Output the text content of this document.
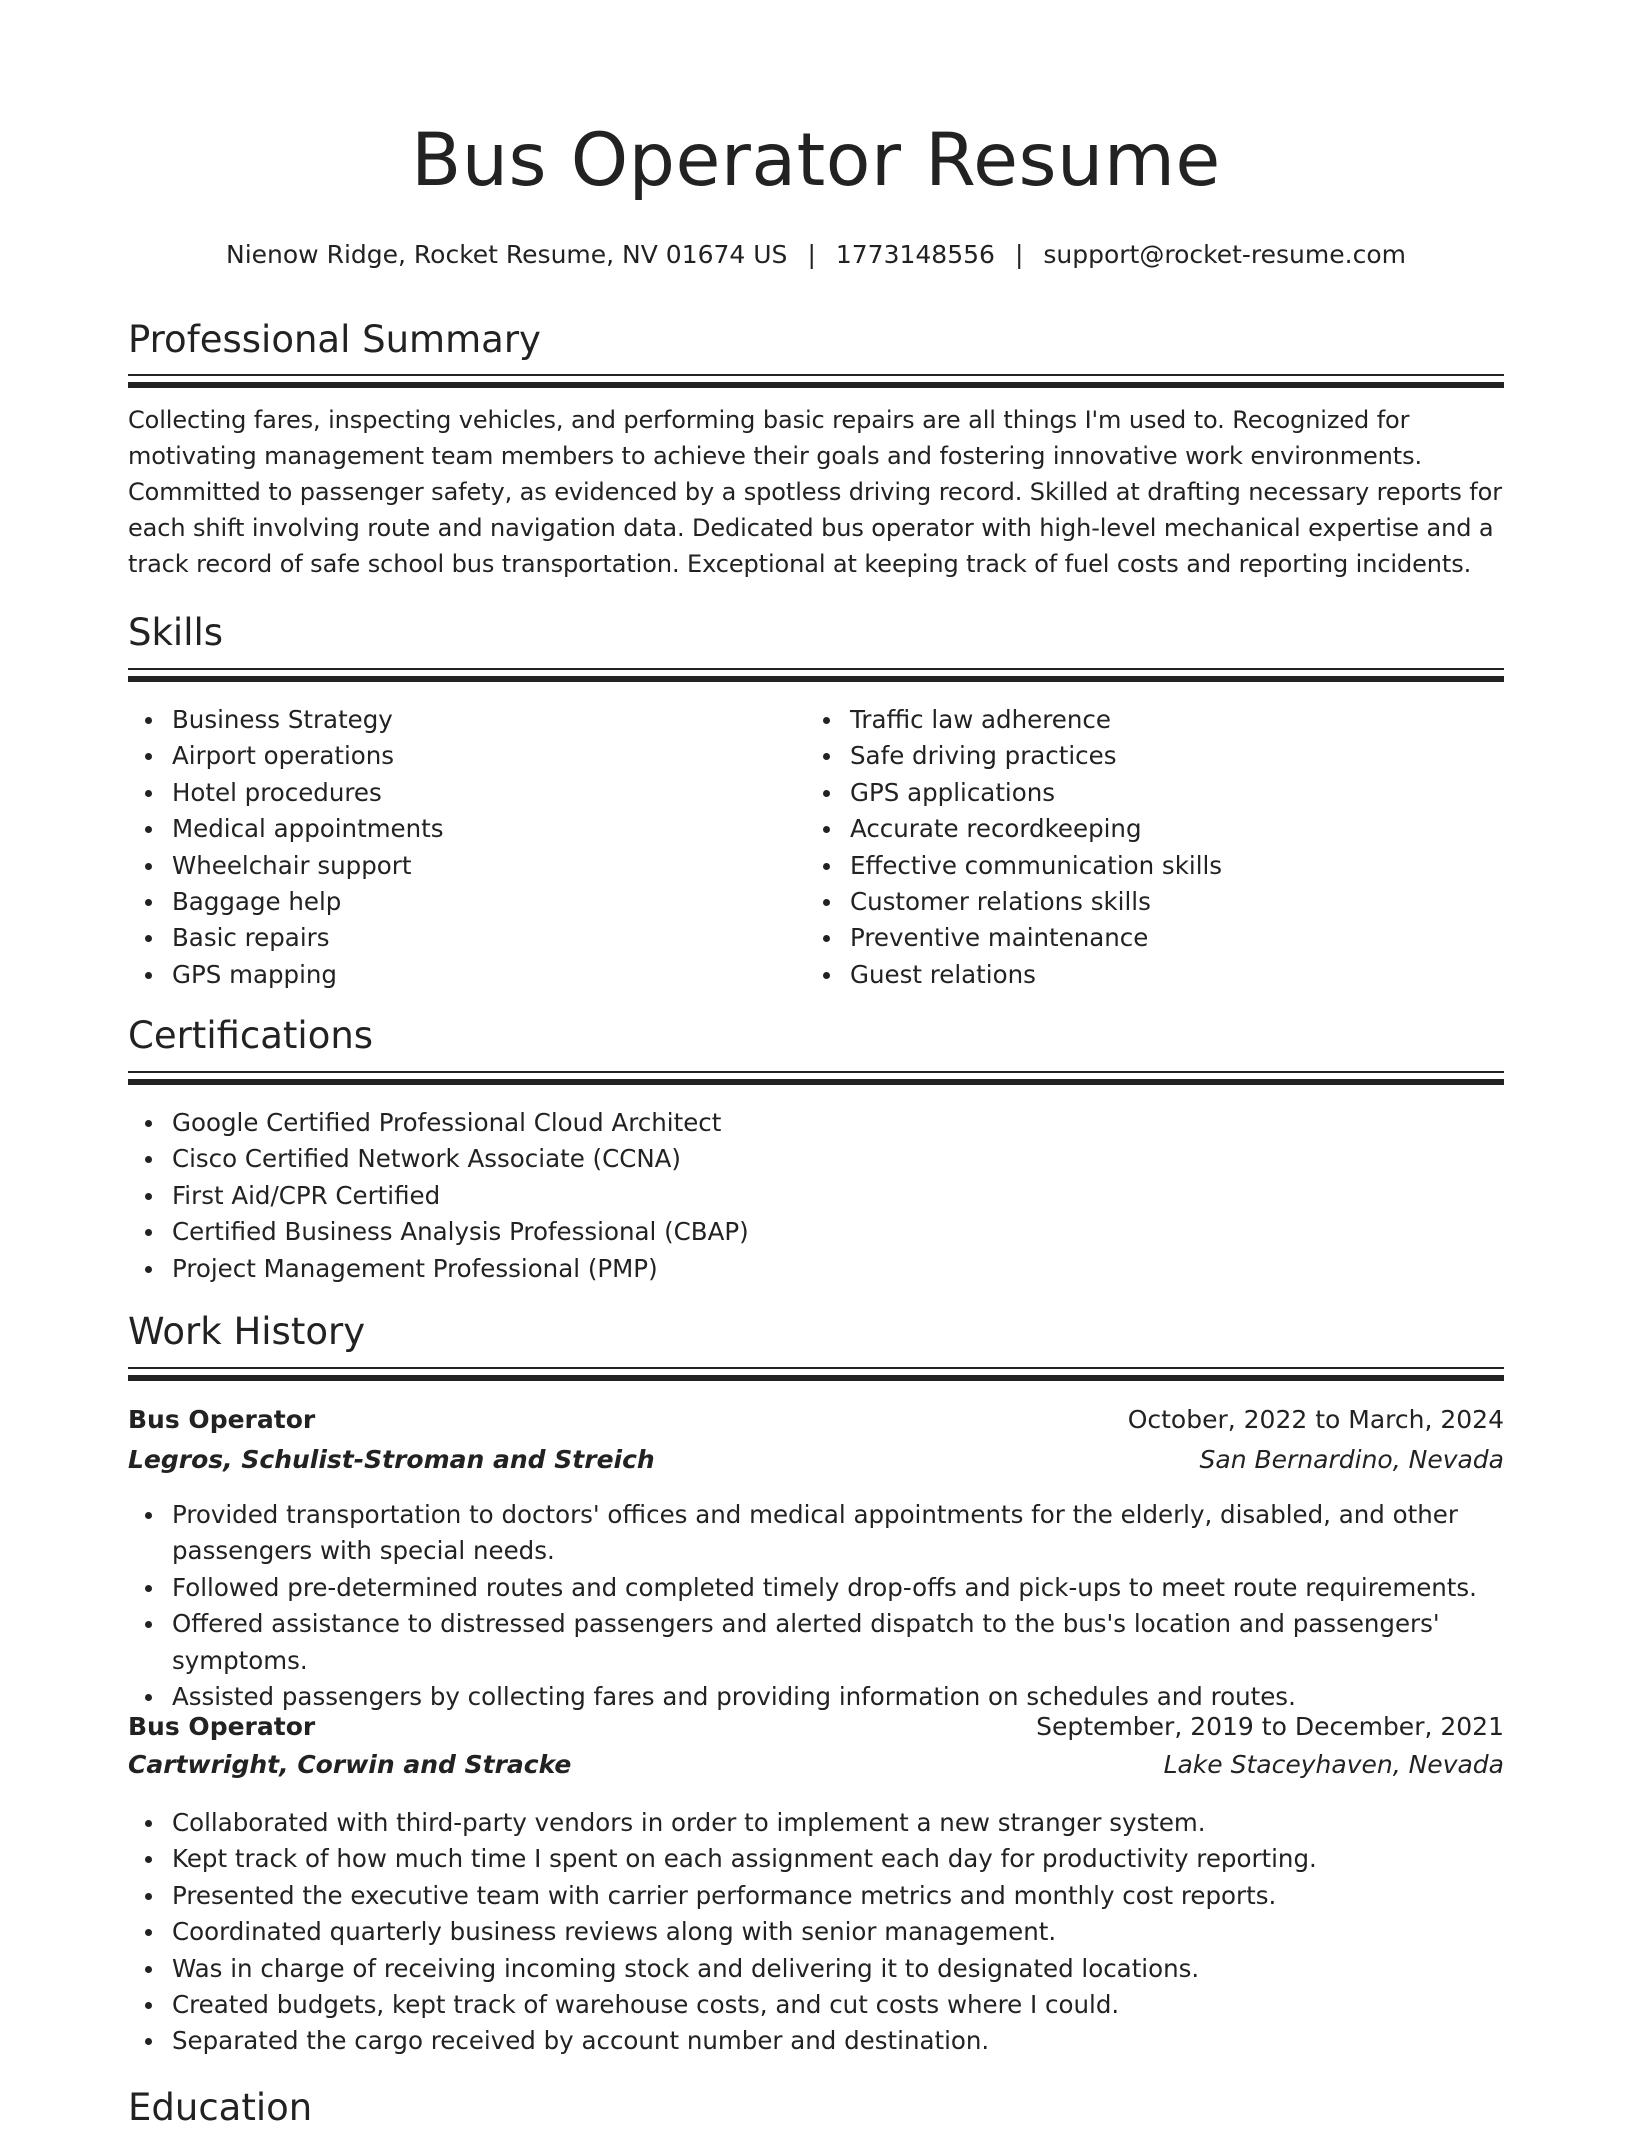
Bus Operator Resume
Nienow Ridge, Rocket Resume, NV 01674 US | 1773148556 | support@rocket-resume.com
Professional Summary

Collecting fares, inspecting vehicles, and performing basic repairs are all things I'm used to. Recognized for motivating management team members to achieve their goals and fostering innovative work environments. Committed to passenger safety, as evidenced by a spotless driving record. Skilled at drafting necessary reports for each shift involving route and navigation data. Dedicated bus operator with high-level mechanical expertise and a track record of safe school bus transportation. Exceptional at keeping track of fuel costs and reporting incidents.

Skills
Business Strategy
Airport operations
Hotel procedures
Medical appointments
Wheelchair support
Baggage help
Basic repairs
GPS mapping
Traffic law adherence
Safe driving practices
GPS applications
Accurate recordkeeping
Effective communication skills
Customer relations skills
Preventive maintenance
Guest relations
Certifications
Google Certified Professional Cloud Architect
Cisco Certified Network Associate (CCNA)
First Aid/CPR Certified
Certified Business Analysis Professional (CBAP)
Project Management Professional (PMP)
Work History
Bus Operator	October, 2022 to March, 2024
Legros, Schulist-Stroman and Streich	San Bernardino, Nevada
Provided transportation to doctors' offices and medical appointments for the elderly, disabled, and other passengers with special needs.
Followed pre-determined routes and completed timely drop-offs and pick-ups to meet route requirements.
Offered assistance to distressed passengers and alerted dispatch to the bus's location and passengers' symptoms.
Assisted passengers by collecting fares and providing information on schedules and routes.
Bus Operator	September, 2019 to December, 2021
Cartwright, Corwin and Stracke	Lake Staceyhaven, Nevada
Collaborated with third-party vendors in order to implement a new stranger system.
Kept track of how much time I spent on each assignment each day for productivity reporting.
Presented the executive team with carrier performance metrics and monthly cost reports.
Coordinated quarterly business reviews along with senior management.
Was in charge of receiving incoming stock and delivering it to designated locations.
Created budgets, kept track of warehouse costs, and cut costs where I could.
Separated the cargo received by account number and destination.
Education
